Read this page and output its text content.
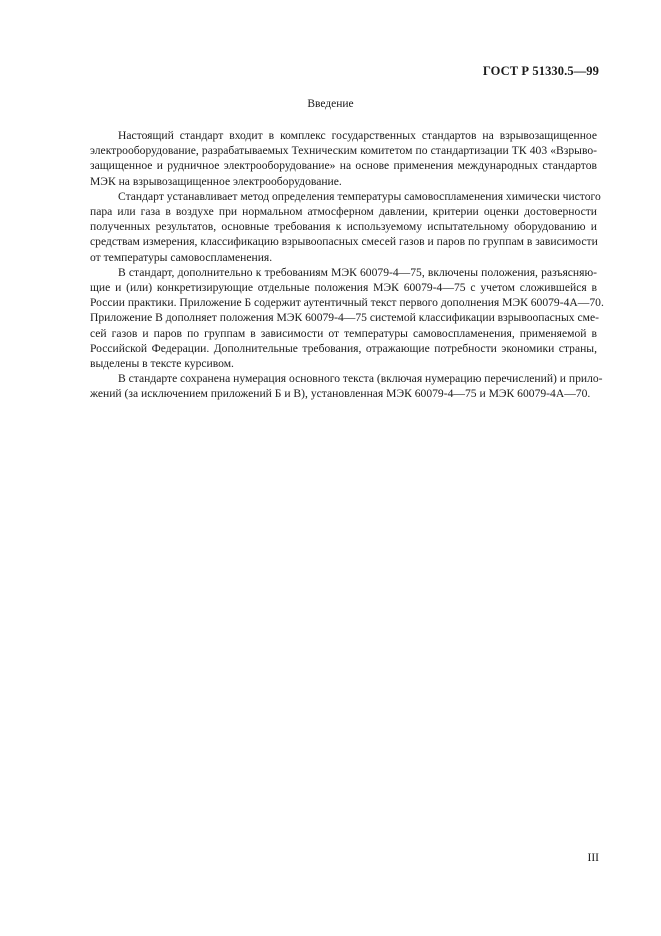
ГОСТ Р 51330.5—99
Введение

Настоящий стандарт входит в комплекс государственных стандартов на взрывозащищенное
электрооборудование, разрабатываемых Техническим комитетом по стандартизации ТК 403 «Взрыво-
защищенное и рудничное электрооборудование» на основе применения международных стандартов
МЭК на взрывозащищенное электрооборудование.

Стандарт устанавливает метод определения температуры самовоспламенения химически чистого
пара или газа в воздухе при нормальном атмосферном давлении, критерии оценки достоверности
полученных результатов, основные требования к используемому испытательному оборудованию и
средствам измерения, классификацию взрывоопасных смесей газов и паров по группам в зависимости
от температуры самовоспламенения.

В стандарт, дополнительно к требованиям МЭК 60079-4—75, включены положения, разъясняю-
щие и (или) конкретизирующие отдельные положения МЭК 60079-4—75 с учетом сложившейся в
России практики. Приложение Б содержит аутентичный текст первого дополнения МЭК 60079-4А—70.
Приложение В дополняет положения МЭК 60079-4—75 системой классификации взрывоопасных сме-
сей газов и паров по группам в зависимости от температуры самовоспламенения, применяемой в
Российской Федерации. Дополнительные требования, отражающие потребности экономики страны,
выделены в тексте курсивом.

В стандарте сохранена нумерация основного текста (включая нумерацию перечислений) и прило-
жений (за исключением приложений Б и В), установленная МЭК 60079-4—75 и МЭК 60079-4А—70.

III
